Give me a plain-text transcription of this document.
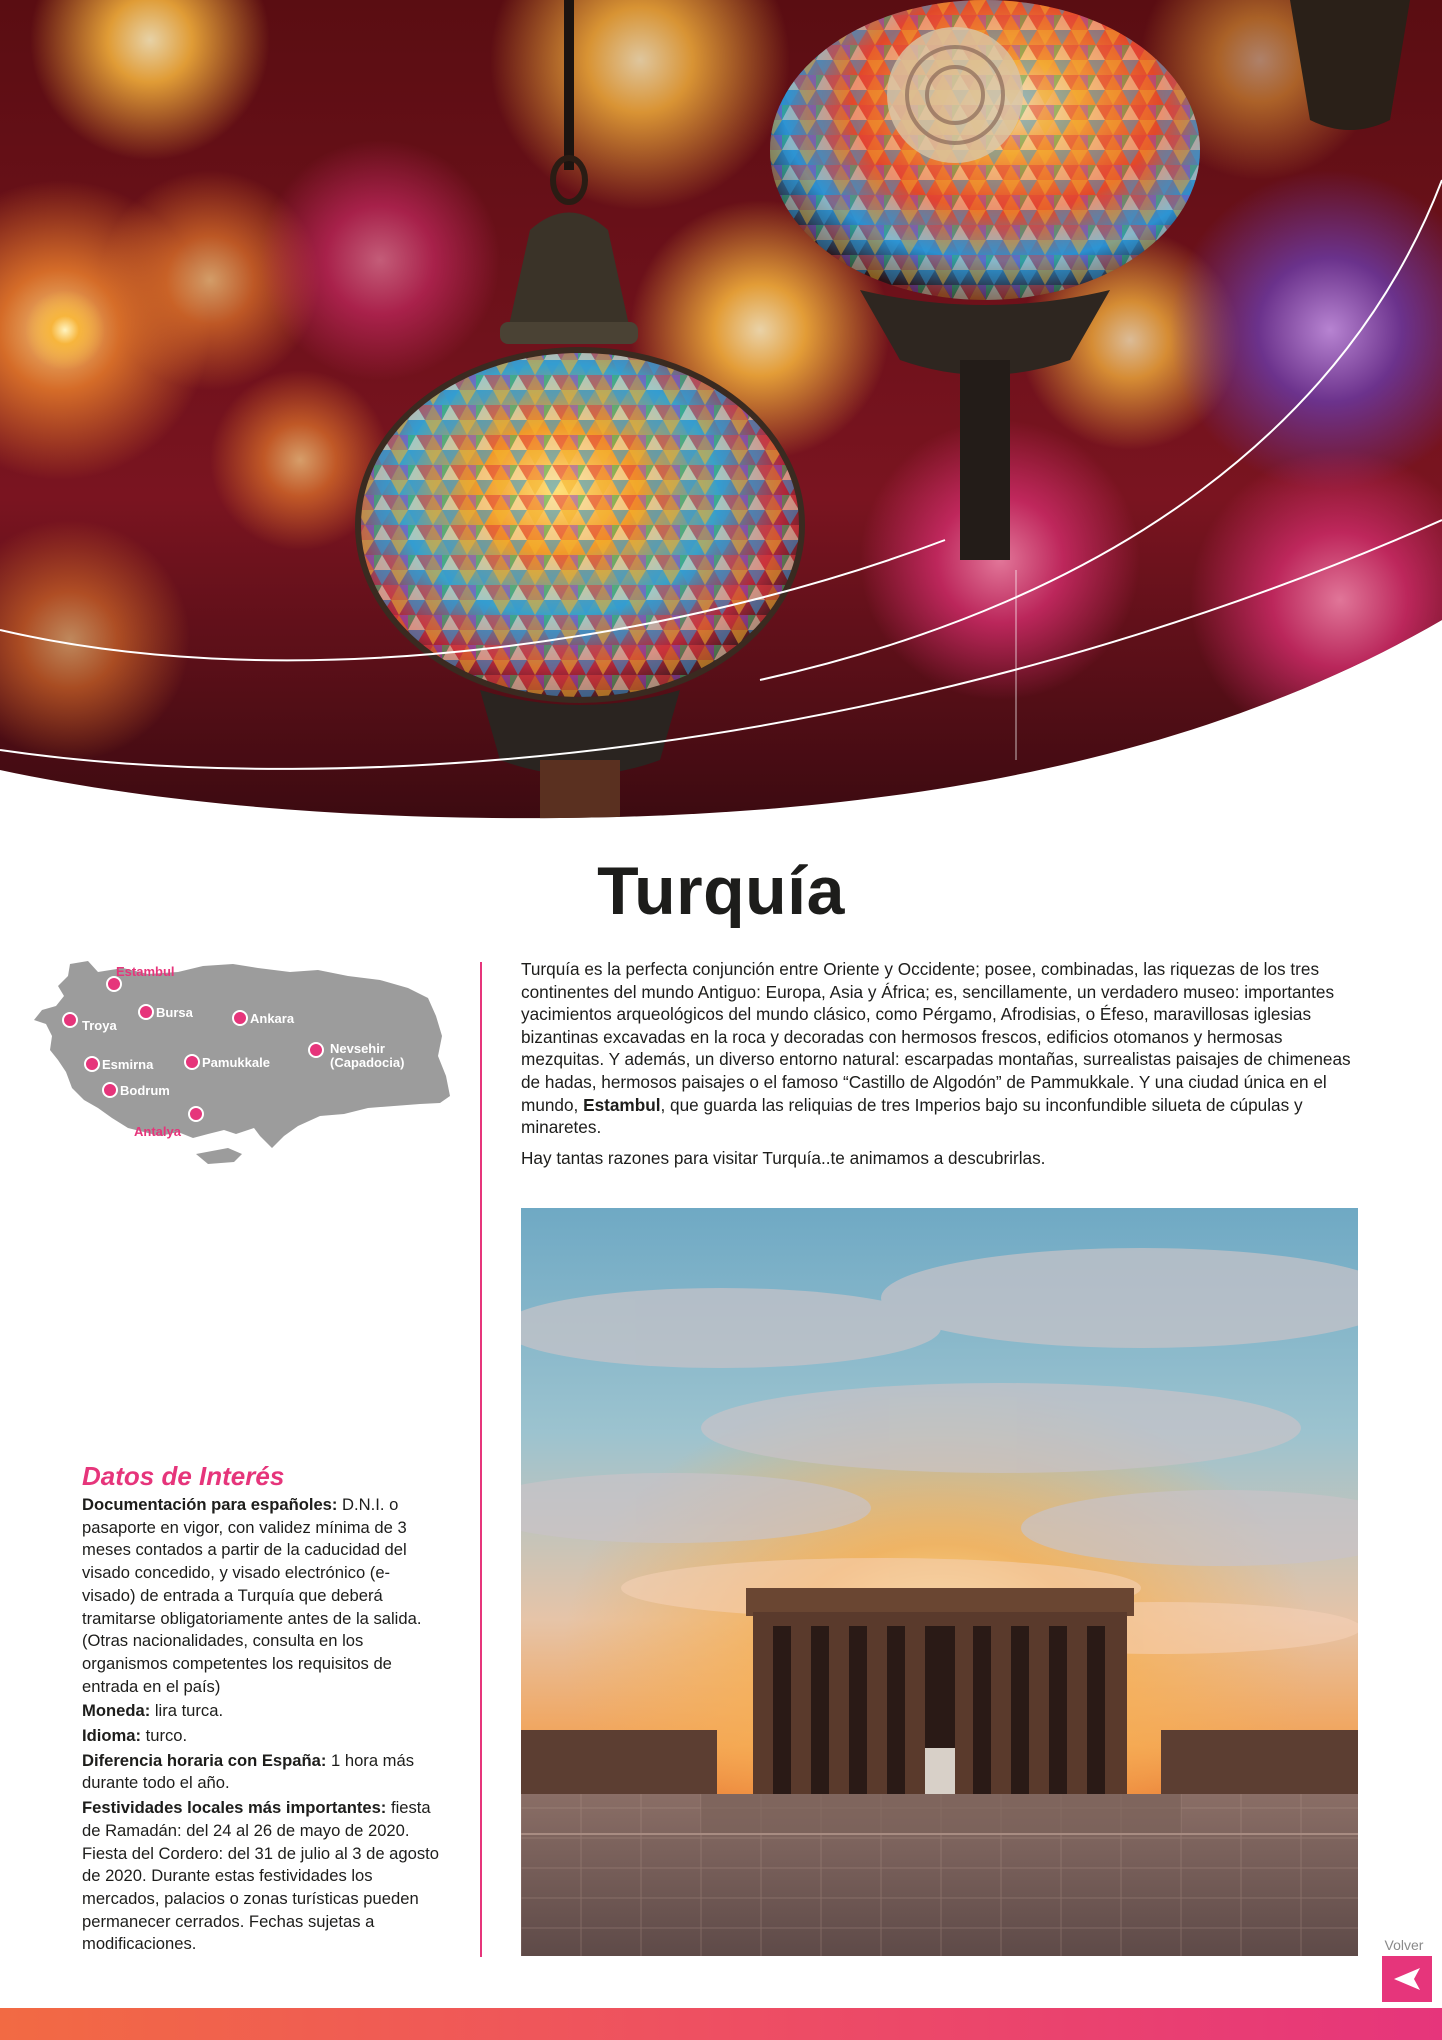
Turquía
Estambul
Troya
Bursa	Ankara
Esmirna	Pamukkale
Nevsehir
(Capadocia)
Bodrum
Antalya

Turquía es la perfecta conjunción entre Oriente y Occidente; posee, combinadas, las riquezas de los tres continentes del mundo Antiguo: Europa, Asia y África; es, sencillamente, un verdadero museo: importantes yacimientos arqueológicos del mundo clásico, como Pérgamo, Afrodisias, o Éfeso, maravillosas iglesias bizantinas excavadas en la roca y decoradas con hermosos frescos, edificios otomanos y hermosas mezquitas. Y además, un diverso entorno natural: escarpadas montañas, surrealistas paisajes de chimeneas de hadas, hermosos paisajes o el famoso “Castillo de Algodón” de Pammukkale. Y una ciudad única en el mundo, Estambul, que guarda las reliquias de tres Imperios bajo su inconfundible silueta de cúpulas y minaretes.

Hay tantas razones para visitar Turquía..te animamos a descubrirlas.

Datos de Interés

Documentación para españoles: D.N.I. o pasaporte en vigor, con validez mínima de 3 meses contados a partir de la caducidad del visado concedido, y visado electrónico (e-visado) de entrada a Turquía que deberá tramitarse obligatoriamente antes de la salida. (Otras nacionalidades, consulta en los organismos competentes los requisitos de entrada en el país)

Moneda: lira turca.

Idioma: turco.

Diferencia horaria con España: 1 hora más durante todo el año.

Festividades locales más importantes: fiesta de Ramadán: del 24 al 26 de mayo de 2020. Fiesta del Cordero: del 31 de julio al 3 de agosto de 2020. Durante estas festividades los mercados, palacios o zonas turísticas pueden permanecer cerrados. Fechas sujetas a modificaciones.	Volver
